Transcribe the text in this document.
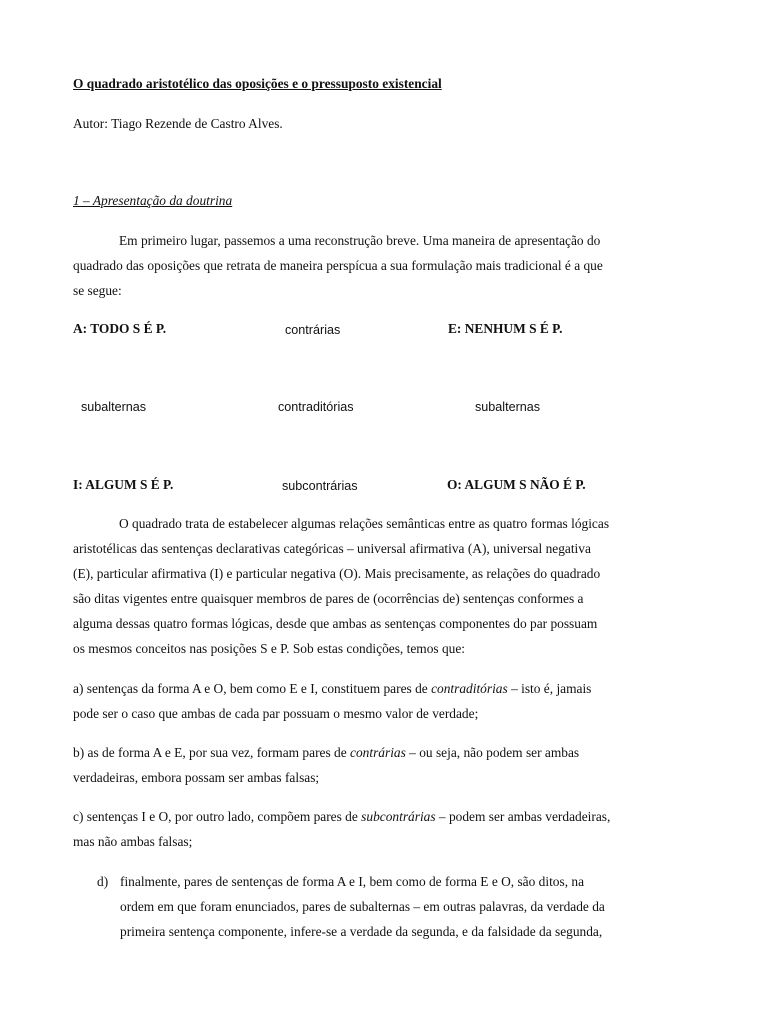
O quadrado aristotélico das oposições e o pressuposto existencial
Autor: Tiago Rezende de Castro Alves.
1 – Apresentação da doutrina
Em primeiro lugar, passemos a uma reconstrução breve. Uma maneira de apresentação do
quadrado das oposições que retrata de maneira perspícua a sua formulação mais tradicional é a que
se segue:
A: TODO S É P.	contrárias	E: NENHUM S É P.
subalternas	contraditórias	subalternas
I: ALGUM S É P.	subcontrárias	O: ALGUM S NÃO É P.
O quadrado trata de estabelecer algumas relações semânticas entre as quatro formas lógicas
aristotélicas das sentenças declarativas categóricas – universal afirmativa (A), universal negativa
(E), particular afirmativa (I) e particular negativa (O). Mais precisamente, as relações do quadrado
são ditas vigentes entre quaisquer membros de pares de (ocorrências de) sentenças conformes a
alguma dessas quatro formas lógicas, desde que ambas as sentenças componentes do par possuam
os mesmos conceitos nas posições S e P. Sob estas condições, temos que:
a) sentenças da forma A e O, bem como E e I, constituem pares de contraditórias – isto é, jamais
pode ser o caso que ambas de cada par possuam o mesmo valor de verdade;
b) as de forma A e E, por sua vez, formam pares de contrárias – ou seja, não podem ser ambas
verdadeiras, embora possam ser ambas falsas;
c) sentenças I e O, por outro lado, compõem pares de subcontrárias – podem ser ambas verdadeiras,
mas não ambas falsas;
d) finalmente, pares de sentenças de forma A e I, bem como de forma E e O, são ditos, na
ordem em que foram enunciados, pares de subalternas – em outras palavras, da verdade da
primeira sentença componente, infere-se a verdade da segunda, e da falsidade da segunda,
